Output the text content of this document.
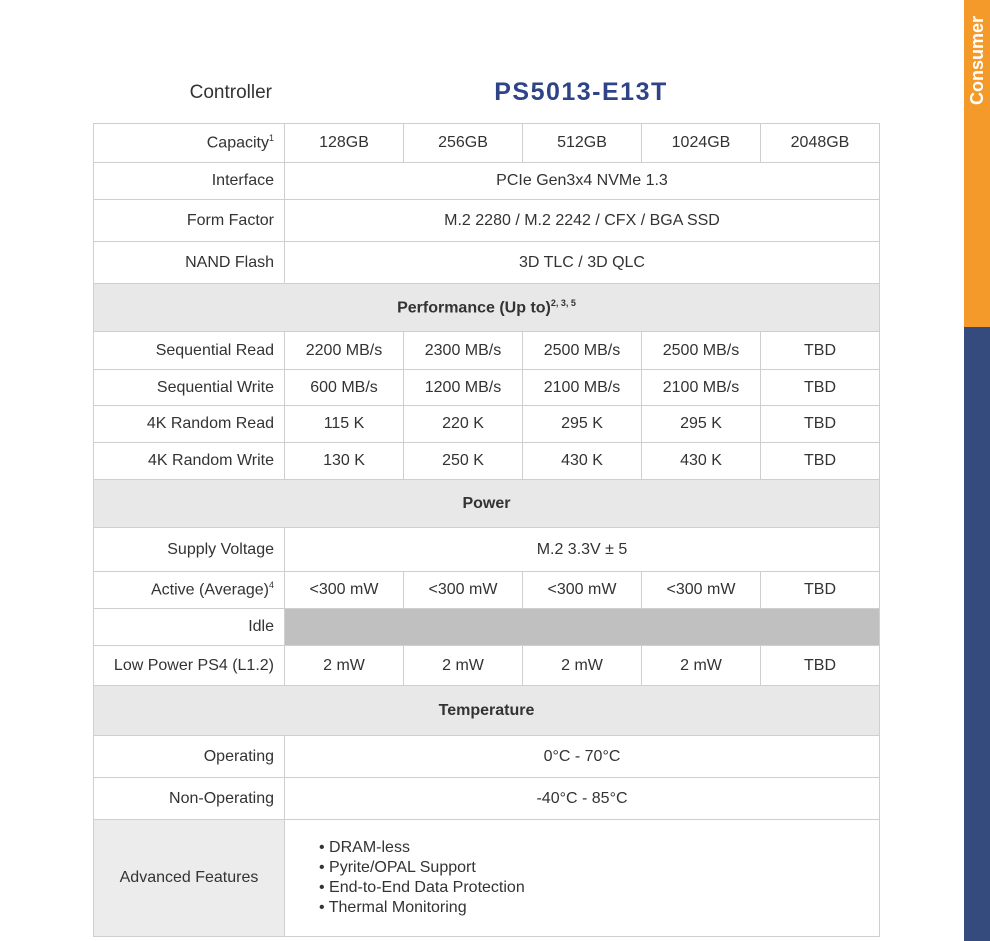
Consumer
Controller	PS5013-E13T
Capacity$^1$	128GB	256GB	512GB	1024GB	2048GB
Interface	PCIe Gen3x4 NVMe 1.3				
Form Factor	M.2 2280 / M.2 2242 / CFX / BGA SSD				
NAND Flash	3D TLC / 3D QLC				
Performance (Up to)$^{2, 3, 5}$
Sequential Read	2200 MB/s	2300 MB/s	2500 MB/s	2500 MB/s	TBD
Sequential Write	600 MB/s	1200 MB/s	2100 MB/s	2100 MB/s	TBD
4K Random Read	115 K	220 K	295 K	295 K	TBD
4K Random Write	130 K	250 K	430 K	430 K	TBD
Power					
Supply Voltage	M.2 3.3V ± 5				
Active (Average)$^4$	<300 mW	<300 mW	<300 mW	<300 mW	TBD
Idle					
Low Power PS4 (L1.2)	2 mW	2 mW	2 mW	2 mW	TBD
Temperature					
Operating	0°C - 70°C				
Non-Operating	-40°C - 85°C				
Advanced Features	• DRAM-less
• Pyrite/OPAL Support
• End-to-End Data Protection
• Thermal Monitoring				
